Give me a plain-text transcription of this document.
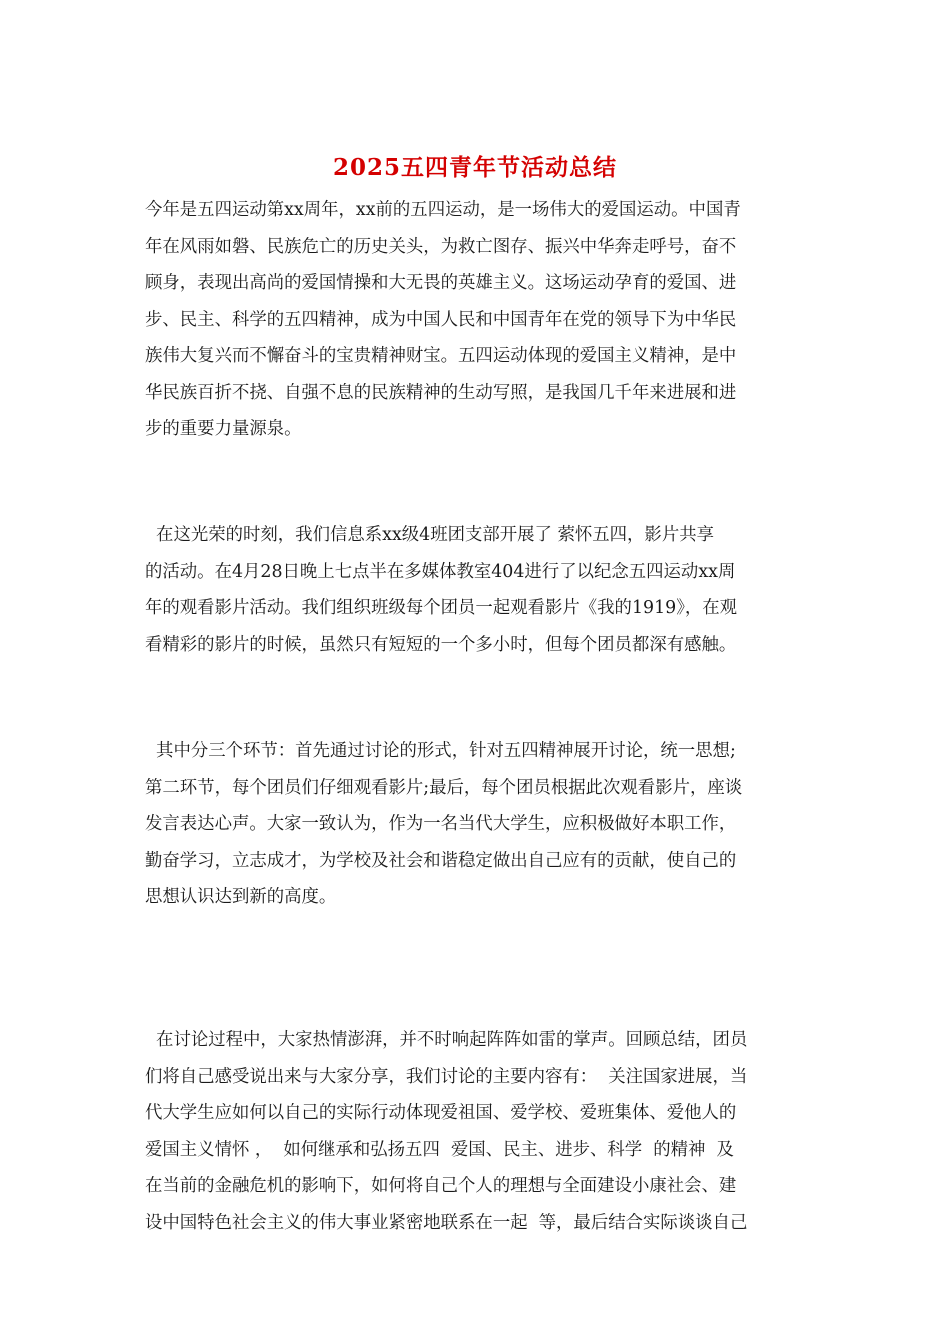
2025五四青年节活动总结
今年是五四运动第xx周年，xx前的五四运动，是一场伟大的爱国运动。中国青
年在风雨如磐、民族危亡的历史关头，为救亡图存、振兴中华奔走呼号，奋不
顾身，表现出高尚的爱国情操和大无畏的英雄主义。这场运动孕育的爱国、进
步、民主、科学的五四精神，成为中国人民和中国青年在党的领导下为中华民
族伟大复兴而不懈奋斗的宝贵精神财宝。五四运动体现的爱国主义精神，是中
华民族百折不挠、自强不息的民族精神的生动写照，是我国几千年来进展和进
步的重要力量源泉。
在这光荣的时刻，我们信息系xx级4班团支部开展了 萦怀五四，影片共享
的活动。在4月28日晚上七点半在多媒体教室404进行了以纪念五四运动xx周
年的观看影片活动。我们组织班级每个团员一起观看影片《我的1919》，在观
看精彩的影片的时候，虽然只有短短的一个多小时，但每个团员都深有感触。
其中分三个环节：首先通过讨论的形式，针对五四精神展开讨论，统一思想;
第二环节，每个团员们仔细观看影片;最后，每个团员根据此次观看影片，座谈
发言表达心声。大家一致认为，作为一名当代大学生，应积极做好本职工作，
勤奋学习，立志成才，为学校及社会和谐稳定做出自己应有的贡献，使自己的
思想认识达到新的高度。
在讨论过程中，大家热情澎湃，并不时响起阵阵如雷的掌声。回顾总结，团员
们将自己感受说出来与大家分享，我们讨论的主要内容有：  关注国家进展，当
代大学生应如何以自己的实际行动体现爱祖国、爱学校、爱班集体、爱他人的
爱国主义情怀 ，  如何继承和弘扬五四  爱国、民主、进步、科学  的精神  及
在当前的金融危机的影响下，如何将自己个人的理想与全面建设小康社会、建
设中国特色社会主义的伟大事业紧密地联系在一起  等，最后结合实际谈谈自己
